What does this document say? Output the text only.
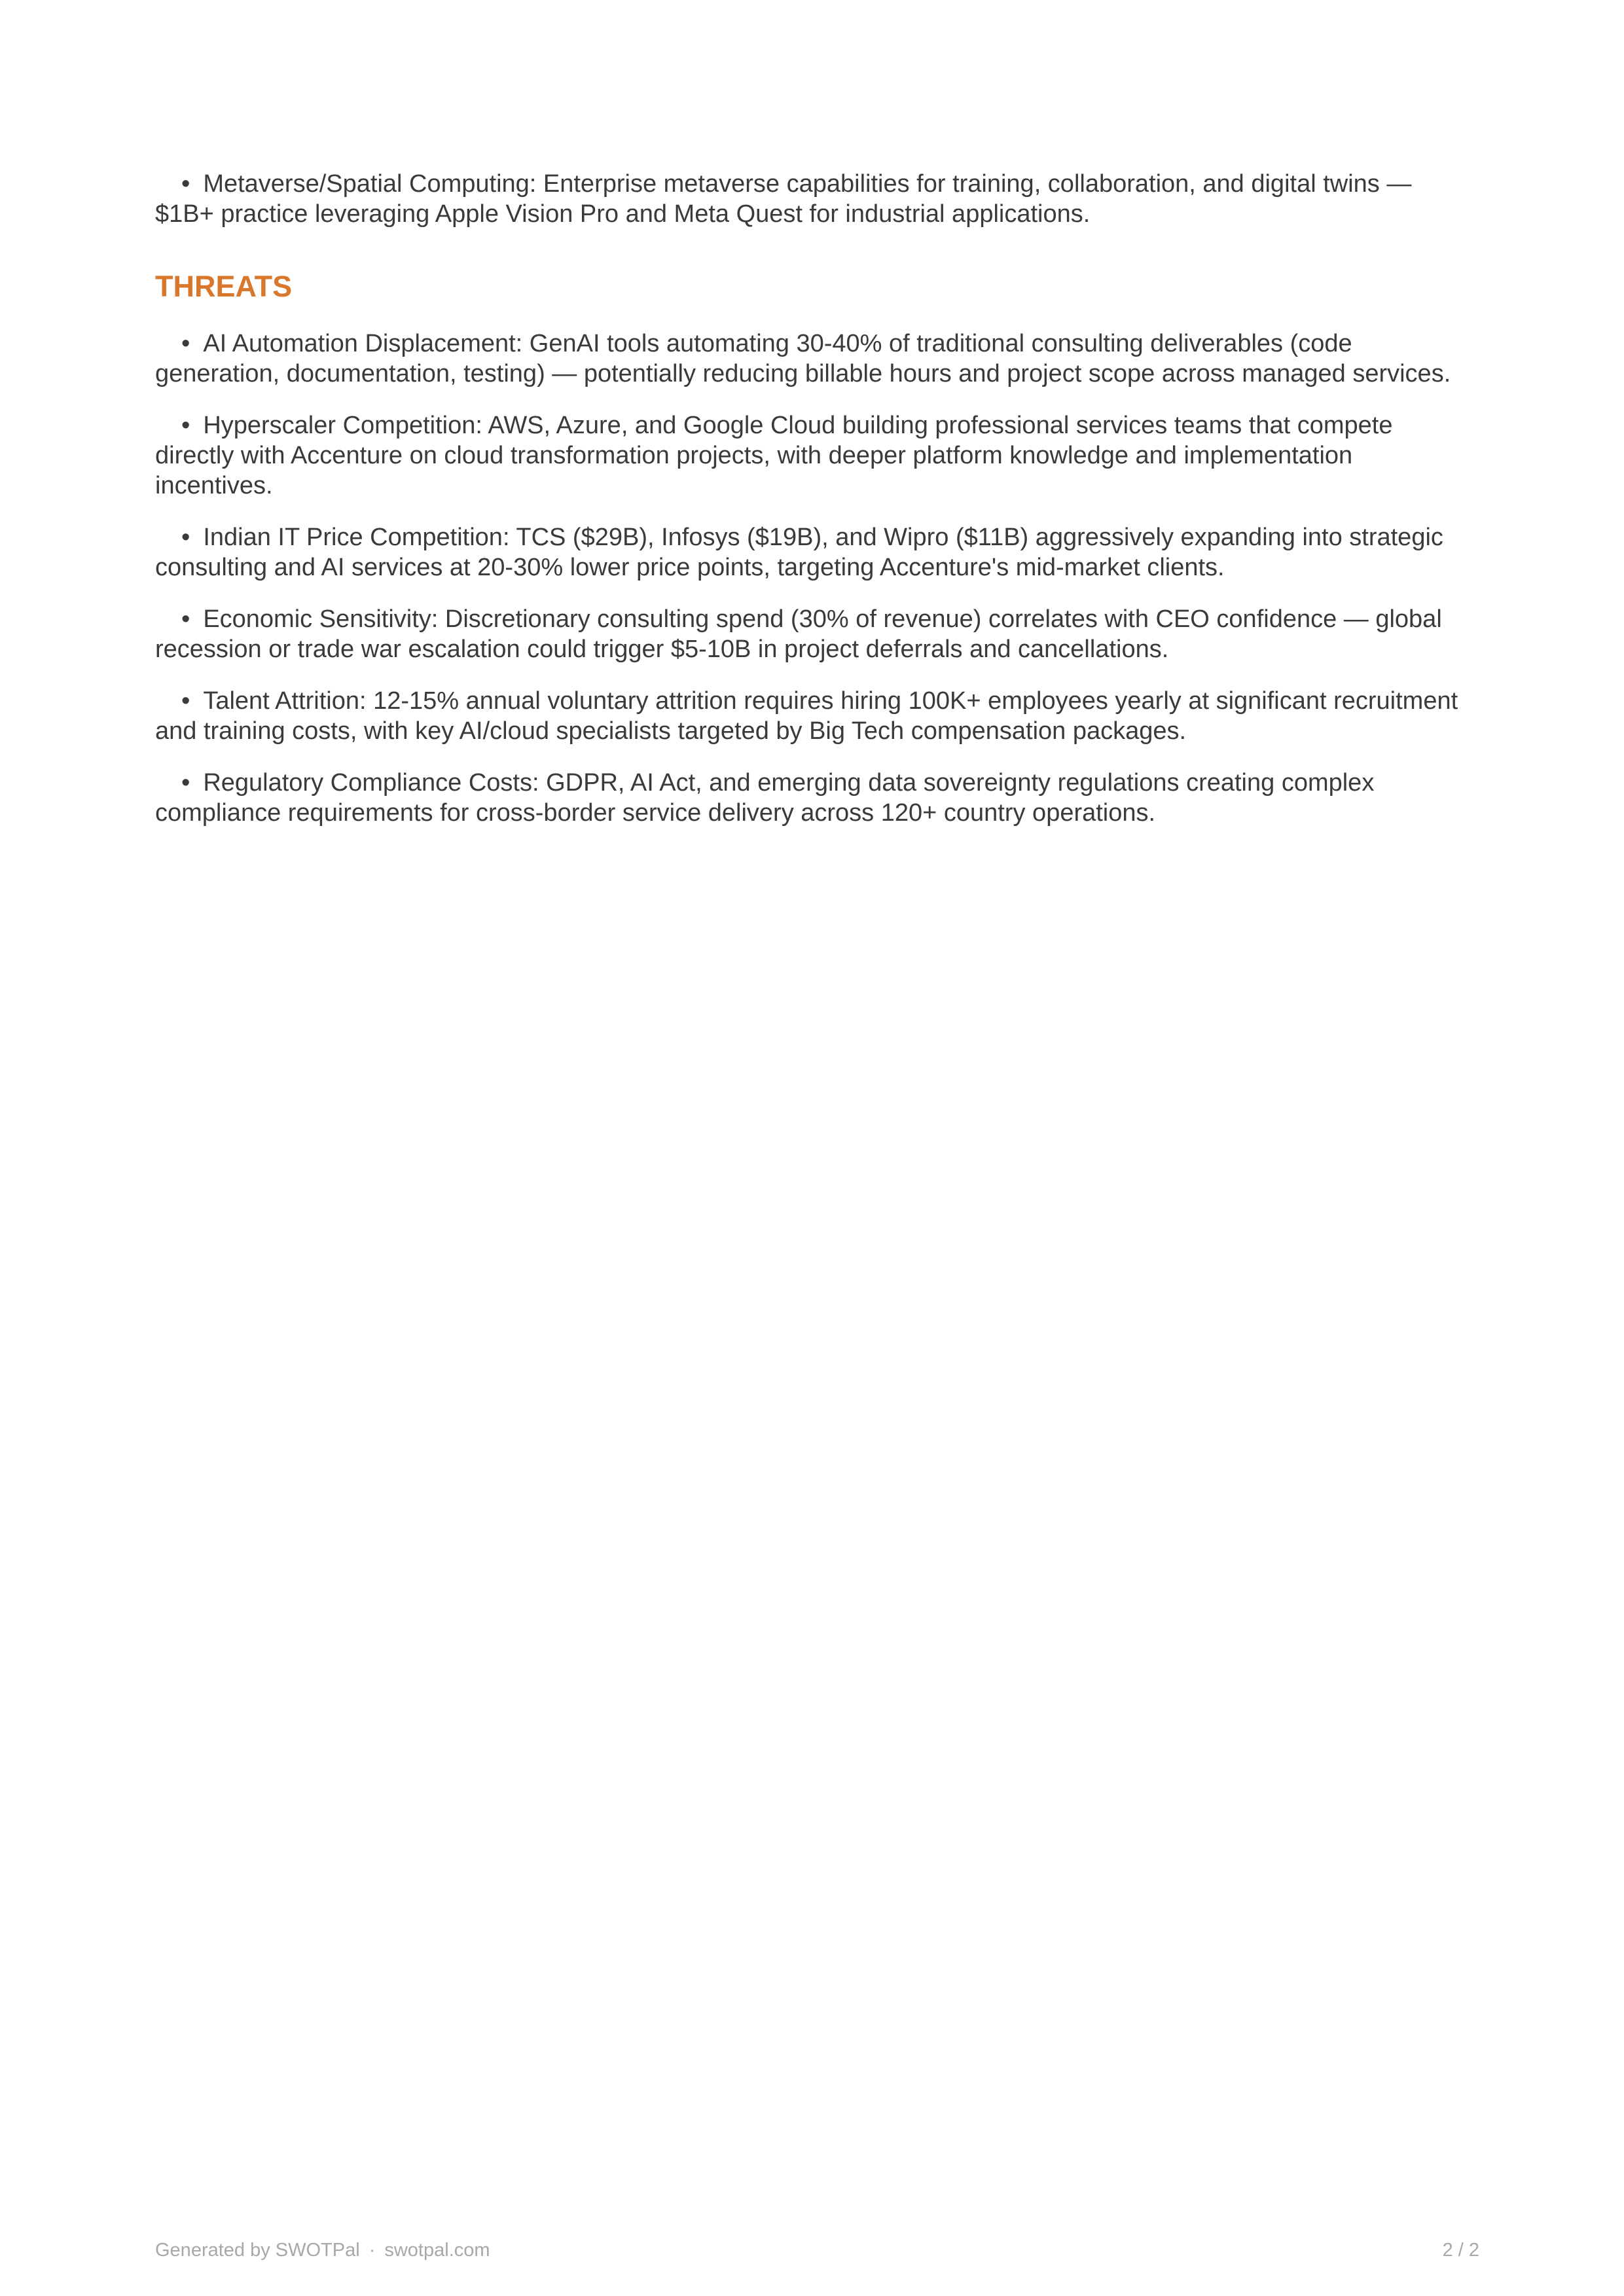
• Metaverse/Spatial Computing: Enterprise metaverse capabilities for training, collaboration, and digital twins — $1B+ practice leveraging Apple Vision Pro and Meta Quest for industrial applications.

THREATS

• AI Automation Displacement: GenAI tools automating 30-40% of traditional consulting deliverables (code generation, documentation, testing) — potentially reducing billable hours and project scope across managed services.

• Hyperscaler Competition: AWS, Azure, and Google Cloud building professional services teams that compete directly with Accenture on cloud transformation projects, with deeper platform knowledge and implementation incentives.

• Indian IT Price Competition: TCS ($29B), Infosys ($19B), and Wipro ($11B) aggressively expanding into strategic consulting and AI services at 20-30% lower price points, targeting Accenture's mid-market clients.

• Economic Sensitivity: Discretionary consulting spend (30% of revenue) correlates with CEO confidence — global recession or trade war escalation could trigger $5-10B in project deferrals and cancellations.

• Talent Attrition: 12-15% annual voluntary attrition requires hiring 100K+ employees yearly at significant recruitment and training costs, with key AI/cloud specialists targeted by Big Tech compensation packages.

• Regulatory Compliance Costs: GDPR, AI Act, and emerging data sovereignty regulations creating complex compliance requirements for cross-border service delivery across 120+ country operations.

Generated by SWOTPal · swotpal.com	2 / 2
